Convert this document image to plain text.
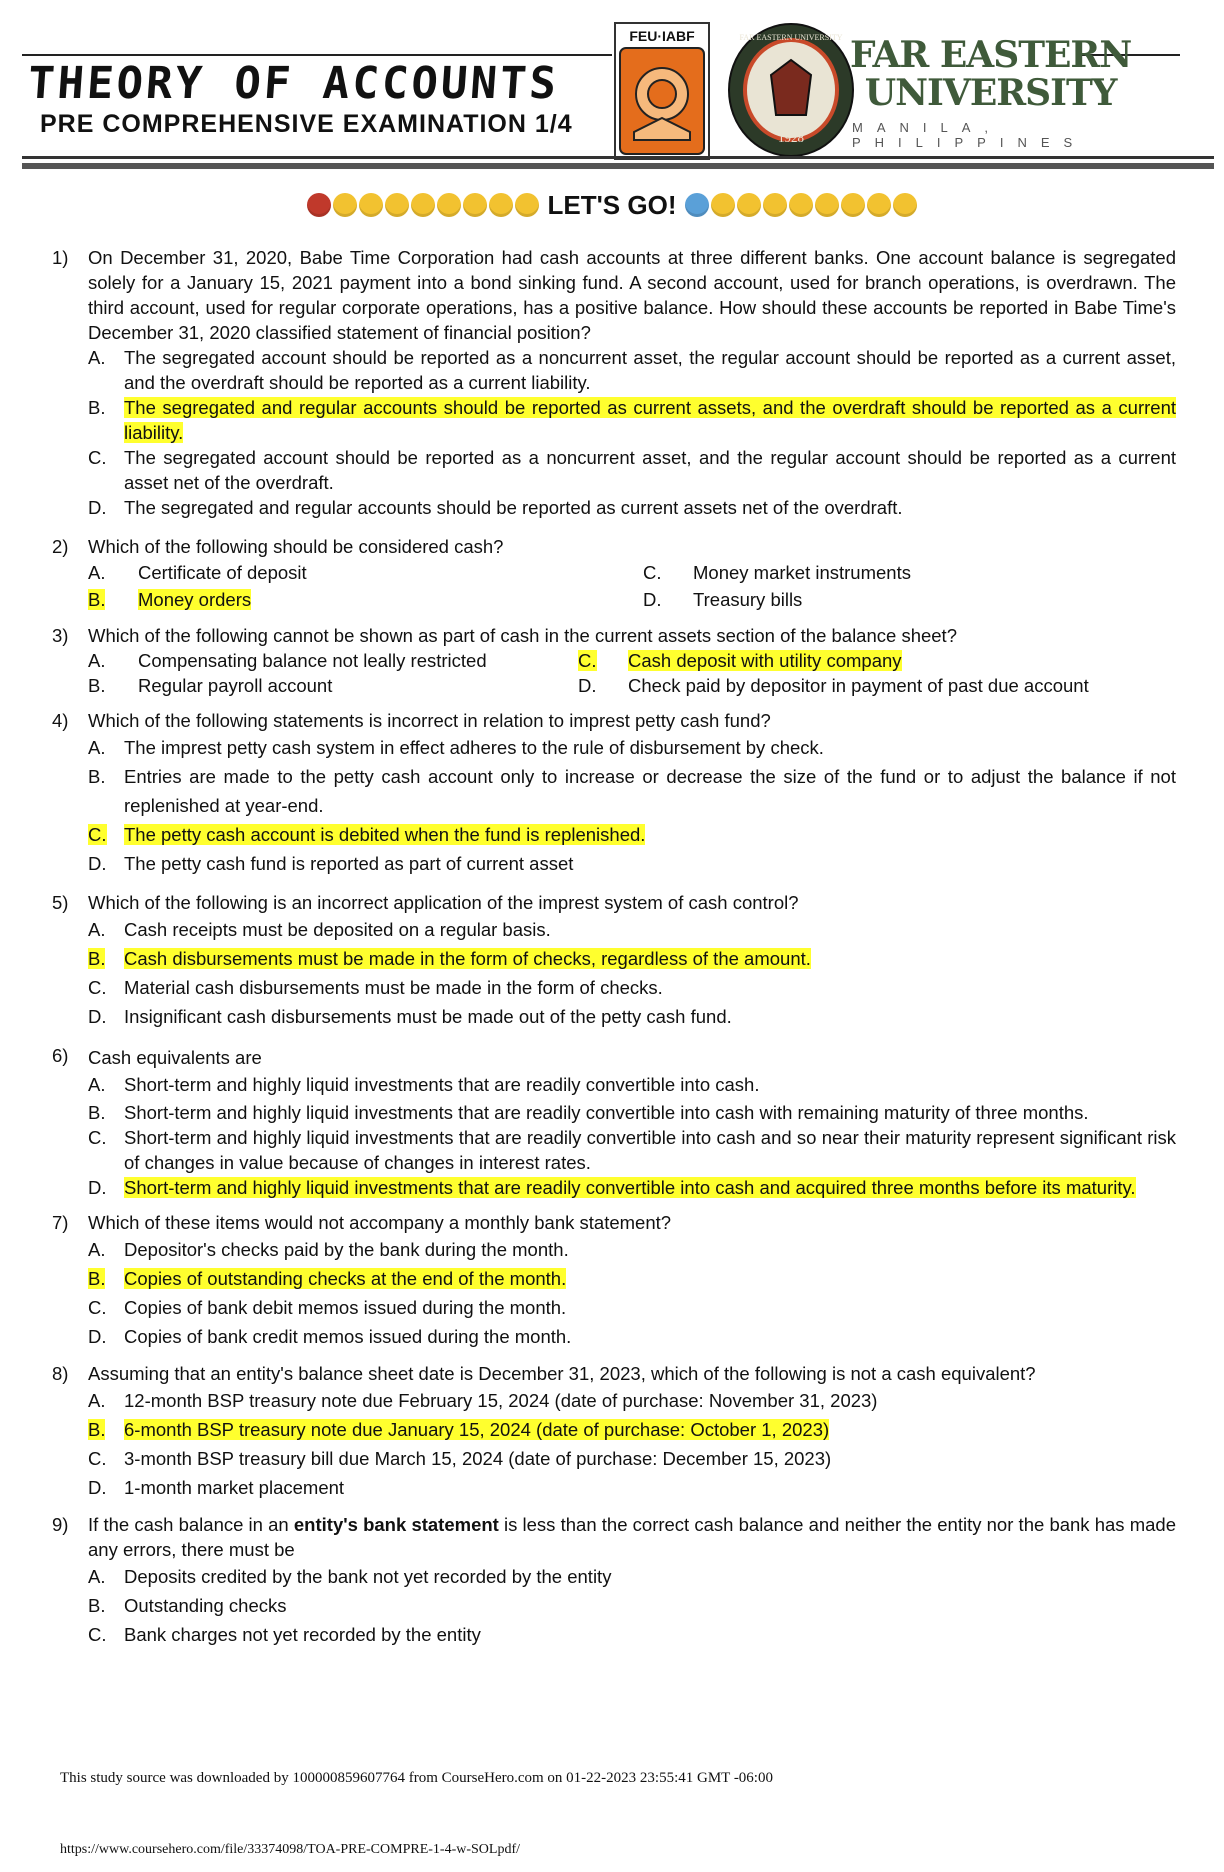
THEORY OF ACCOUNTS
PRE COMPREHENSIVE EXAMINATION 1/4
FEU·IABF
1928
FAR EASTERN UNIVERSITY FAR EASTERN
UNIVERSITY
MANILA, PHILIPPINES
LET'S GO!
1)	On December 31, 2020, Babe Time Corporation had cash accounts at three different banks. One account balance is segregated solely for a January 15, 2021 payment into a bond sinking fund. A second account, used for branch operations, is overdrawn. The third account, used for regular corporate operations, has a positive balance. How should these accounts be reported in Babe Time's December 31, 2020 classified statement of financial position?
A.	The segregated account should be reported as a noncurrent asset, the regular account should be reported as a current asset, and the overdraft should be reported as a current liability.
B.	The segregated and regular accounts should be reported as current assets, and the overdraft should be reported as a current liability.
C. The segregated account should be reported as a noncurrent asset, and the regular account should be reported as a current asset net of the overdraft.
D. The segregated and regular accounts should be reported as current assets net of the overdraft.
2)	Which of the following should be considered cash?
A.	Certificate of deposit	C.	Money market instruments
B.	Money orders	D.	Treasury bills
3)	Which of the following cannot be shown as part of cash in the current assets section of the balance sheet?
A.	Compensating balance not leally restricted	C.	Cash deposit with utility company
B.	Regular payroll account	D.	Check paid by depositor in payment of past due account
4)	Which of the following statements is incorrect in relation to imprest petty cash fund?
A.	The imprest petty cash system in effect adheres to the rule of disbursement by check.
B.	Entries are made to the petty cash account only to increase or decrease the size of the fund or to adjust the balance if not replenished at year-end.
C. The petty cash account is debited when the fund is replenished.
D. The petty cash fund is reported as part of current asset
5)	Which of the following is an incorrect application of the imprest system of cash control?
A.	Cash receipts must be deposited on a regular basis.
B.	Cash disbursements must be made in the form of checks, regardless of the amount.
C. Material cash disbursements must be made in the form of checks.
D. Insignificant cash disbursements must be made out of the petty cash fund.
6)	Cash equivalents are
A.	Short-term and highly liquid investments that are readily convertible into cash.
B.	Short-term and highly liquid investments that are readily convertible into cash with remaining maturity of three months.
C. Short-term and highly liquid investments that are readily convertible into cash and so near their maturity represent significant risk of changes in value because of changes in interest rates.
D. Short-term and highly liquid investments that are readily convertible into cash and acquired three months before its maturity.
7)	Which of these items would not accompany a monthly bank statement?
A.	Depositor's checks paid by the bank during the month.
B.	Copies of outstanding checks at the end of the month.
C. Copies of bank debit memos issued during the month.
D. Copies of bank credit memos issued during the month.
8)	Assuming that an entity's balance sheet date is December 31, 2023, which of the following is not a cash equivalent?
A.	12-month BSP treasury note due February 15, 2024 (date of purchase: November 31, 2023)
B.	6-month BSP treasury note due January 15, 2024 (date of purchase: October 1, 2023)
C. 3-month BSP treasury bill due March 15, 2024 (date of purchase: December 15, 2023)
D. 1-month market placement
9)	If the cash balance in an entity's bank statement is less than the correct cash balance and neither the entity nor the bank has made any errors, there must be
A.	Deposits credited by the bank not yet recorded by the entity
B.	Outstanding checks
C. Bank charges not yet recorded by the entity
This study source was downloaded by 100000859607764 from CourseHero.com on 01-22-2023 23:55:41 GMT -06:00
https://www.coursehero.com/file/33374098/TOA-PRE-COMPRE-1-4-w-SOLpdf/
